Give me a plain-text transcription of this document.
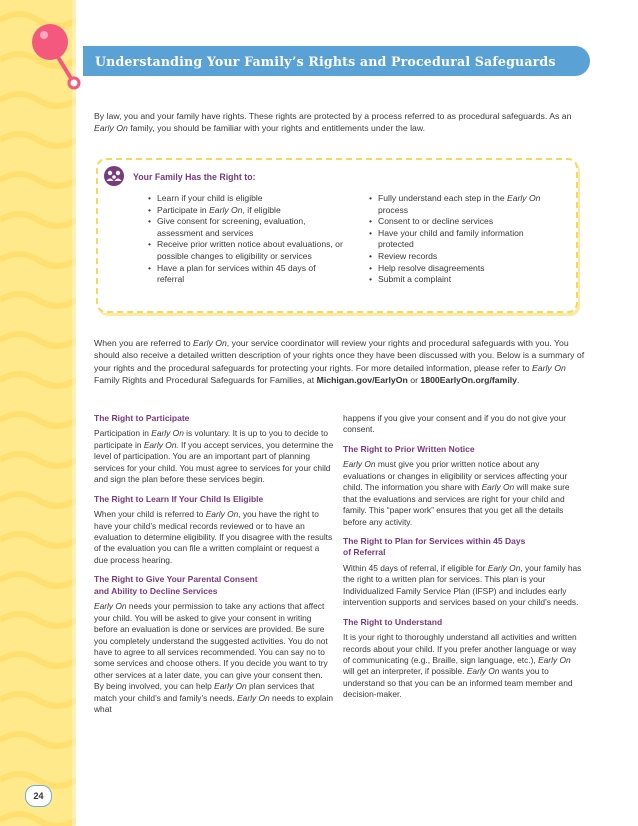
Understanding Your Family’s Rights and Procedural Safeguards

By law, you and your family have rights. These rights are protected by a process referred to as procedural safeguards. As an Early On family, you should be familiar with your rights and entitlements under the law.

Your Family Has the Right to:

• Learn if your child is eligible
• Participate in Early On, if eligible
• Give consent for screening, evaluation, assessment and services
• Receive prior written notice about evaluations, or possible changes to eligibility or services
• Have a plan for services within 45 days of referral
• Fully understand each step in the Early On process
• Consent to or decline services
• Have your child and family information protected
• Review records
• Help resolve disagreements
• Submit a complaint

When you are referred to Early On, your service coordinator will review your rights and procedural safeguards with you. You should also receive a detailed written description of your rights once they have been discussed with you. Below is a summary of your rights and the procedural safeguards for protecting your rights. For more detailed information, please refer to Early On Family Rights and Procedural Safeguards for Families, at Michigan.gov/EarlyOn or 1800EarlyOn.org/family.

The Right to Participate

Participation in Early On is voluntary. It is up to you to decide to participate in Early On. If you accept services, you determine the level of participation. You are an important part of planning services for your child. You must agree to services for your child and sign the plan before these services begin.

The Right to Learn If Your Child Is Eligible

When your child is referred to Early On, you have the right to have your child’s medical records reviewed or to have an evaluation to determine eligibility. If you disagree with the results of the evaluation you can file a written complaint or request a due process hearing.

The Right to Give Your Parental Consent
and Ability to Decline Services

Early On needs your permission to take any actions that affect your child. You will be asked to give your consent in writing before an evaluation is done or services are provided. Be sure you completely understand the suggested activities. You do not have to agree to all services recommended. You can say no to some services and choose others. If you decide you want to try other services at a later date, you can give your consent then. By being involved, you can help Early On plan services that match your child’s and family’s needs. Early On needs to explain what

happens if you give your consent and if you do not give your consent.

The Right to Prior Written Notice

Early On must give you prior written notice about any evaluations or changes in eligibility or services affecting your child. The information you share with Early On will make sure that the evaluations and services are right for your child and family. This “paper work” ensures that you get all the details before any activity.

The Right to Plan for Services within 45 Days
of Referral

Within 45 days of referral, if eligible for Early On, your family has the right to a written plan for services. This plan is your Individualized Family Service Plan (IFSP) and includes early intervention supports and services based on your child’s needs.

The Right to Understand

It is your right to thoroughly understand all activities and written records about your child. If you prefer another language or way of communicating (e.g., Braille, sign language, etc.), Early On will get an interpreter, if possible. Early On wants you to understand so that you can be an informed team member and decision-maker.

24
